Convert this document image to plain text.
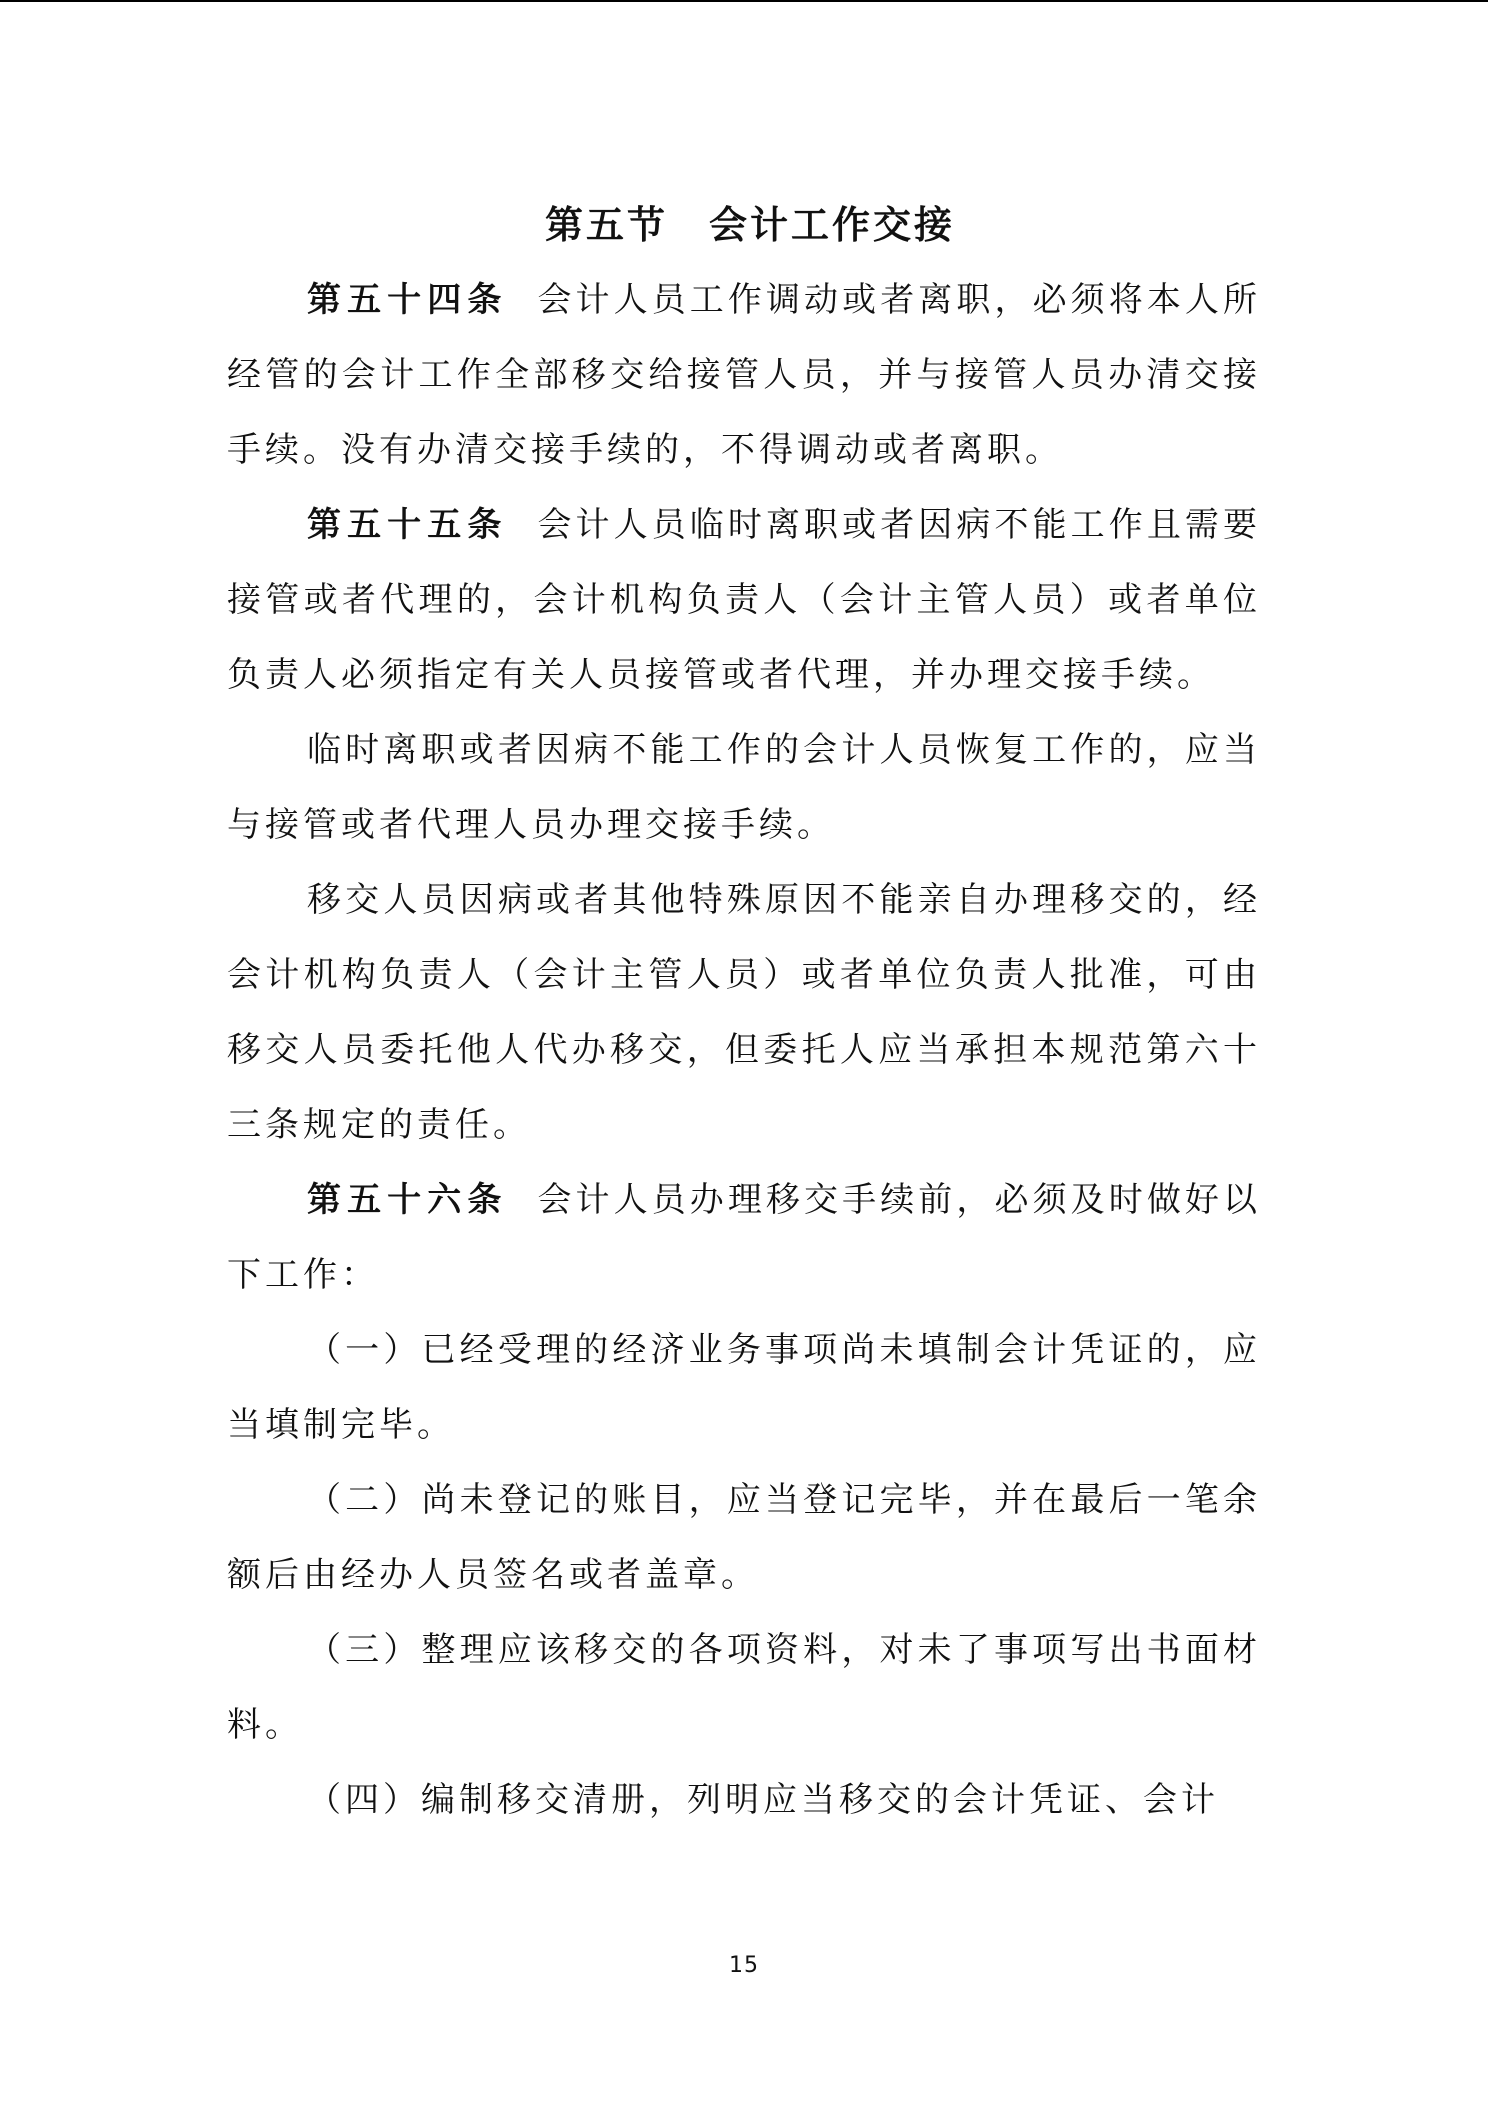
第五节　会计工作交接

第五十四条 会计人员工作调动或者离职，必须将本人所经管的会计工作全部移交给接管人员，并与接管人员办清交接手续。没有办清交接手续的，不得调动或者离职。

第五十五条 会计人员临时离职或者因病不能工作且需要接管或者代理的，会计机构负责人（会计主管人员）或者单位负责人必须指定有关人员接管或者代理，并办理交接手续。

临时离职或者因病不能工作的会计人员恢复工作的，应当与接管或者代理人员办理交接手续。

移交人员因病或者其他特殊原因不能亲自办理移交的，经会计机构负责人（会计主管人员）或者单位负责人批准，可由移交人员委托他人代办移交，但委托人应当承担本规范第六十三条规定的责任。

第五十六条 会计人员办理移交手续前，必须及时做好以下工作：

（一）已经受理的经济业务事项尚未填制会计凭证的，应当填制完毕。

（二）尚未登记的账目，应当登记完毕，并在最后一笔余额后由经办人员签名或者盖章。

（三）整理应该移交的各项资料，对未了事项写出书面材料。

（四）编制移交清册，列明应当移交的会计凭证、会计

15
